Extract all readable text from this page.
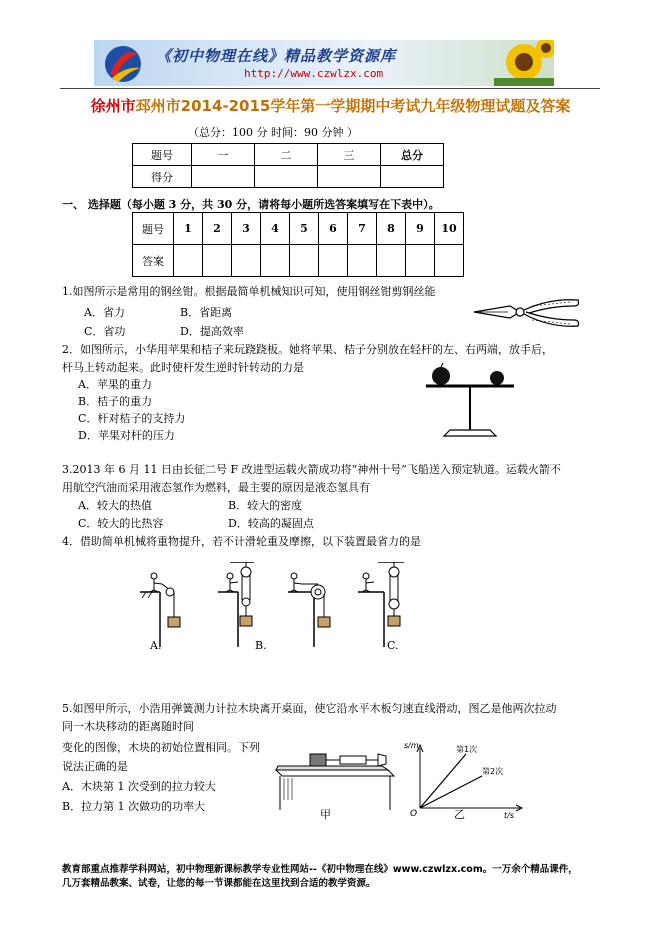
《初中物理在线》精品教学资源库
http://www.czwlzx.com
徐州市邳州市2014-2015学年第一学期期中考试九年级物理试题及答案
（总分：100 分 时间：90 分钟 ）
题号	一	二	三	总分
得分				
一、 选择题（每小题 3 分，共 30 分，请将每小题所选答案填写在下表中）。
题号	1	2	3	4	5	6	7	8	9	10
答案										
1.如图所示是常用的钢丝钳。根据最简单机械知识可知，使用钢丝钳剪钢丝能
A．省力	B．省距离
C．省功	D．提高效率
2．如图所示，小华用苹果和桔子来玩跷跷板。她将苹果、桔子分别放在轻杆的左、右两端，放手后，
杆马上转动起来。此时使杆发生逆时针转动的力是
A．苹果的重力
B．桔子的重力
C．杆对桔子的支持力
D．苹果对杆的压力
3.2013 年 6 月 11 日由长征二号 F 改进型运载火箭成功将“神州十号”飞船送入预定轨道。运载火箭不
用航空汽油而采用液态氢作为燃料，最主要的原因是液态氢具有
A．较大的热值	B．较大的密度
C．较大的比热容	D．较高的凝固点
4．借助简单机械将重物提升，若不计滑轮重及摩擦，以下装置最省力的是
A.	B.	C.
5.如图甲所示，小浩用弹簧测力计拉木块离开桌面，使它沿水平木板匀速直线滑动，图乙是他两次拉动
同一木块移动的距离随时间
变化的图像，木块的初始位置相同。下列
说法正确的是
A．木块第 1 次受到的拉力较大
B．拉力第 1 次做功的功率大
甲
s/m
t/s
O
第1次
第2次
乙
教育部重点推荐学科网站，初中物理新课标教学专业性网站--《初中物理在线》www.czwlzx.com。一万余个精品课件，
几万套精品教案、试卷，让您的每一节课都能在这里找到合适的教学资源。
